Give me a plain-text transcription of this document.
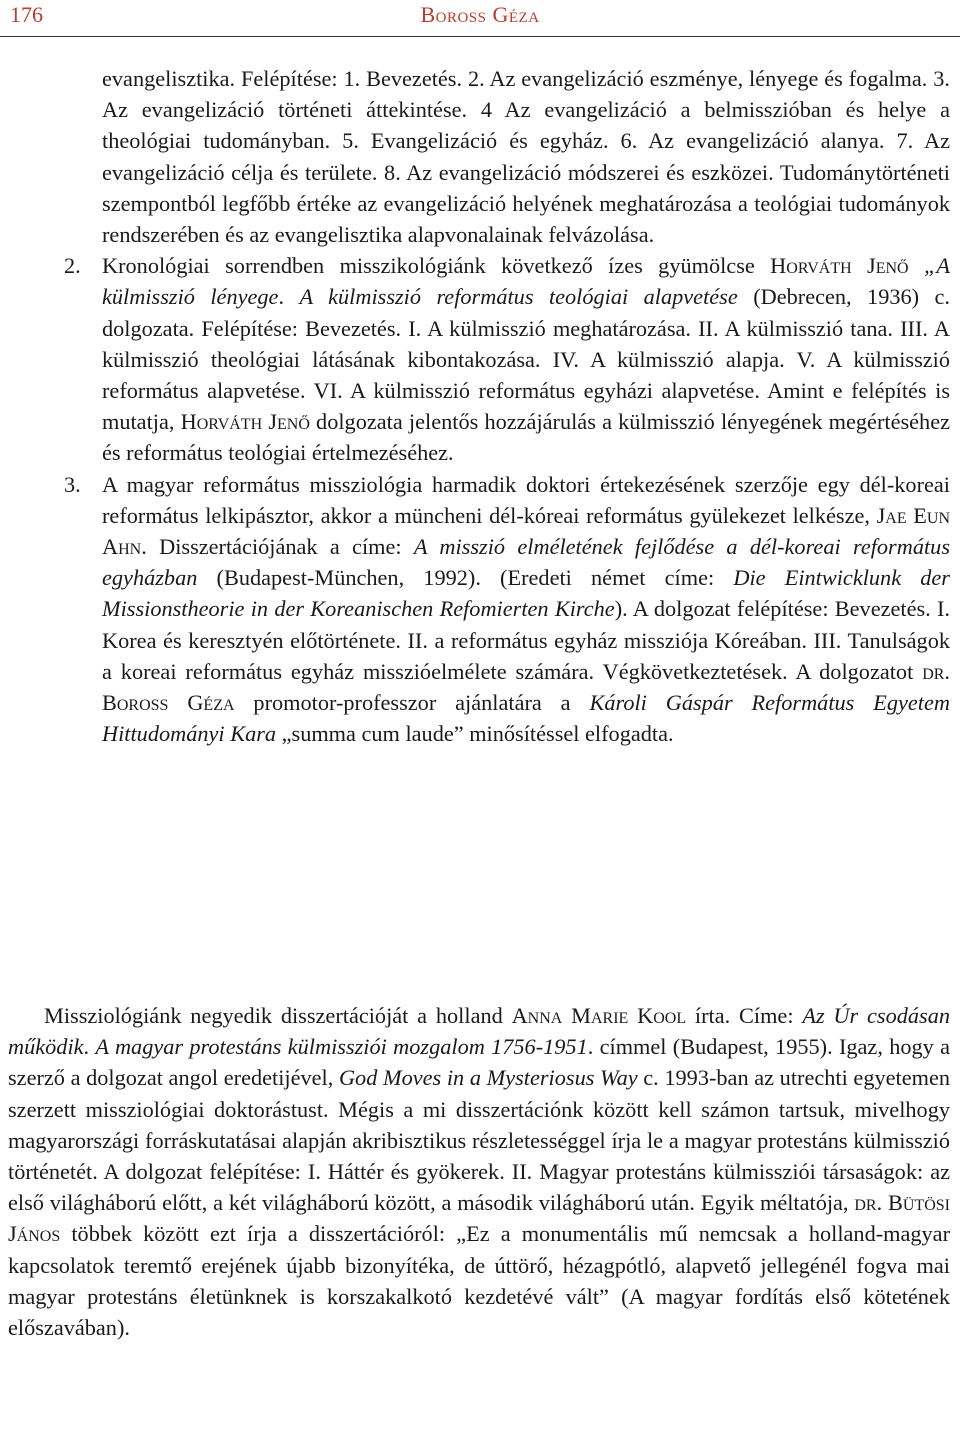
176	Boross Géza

evangelisztika. Felépítése: 1. Bevezetés. 2. Az evangelizáció eszménye, lényege és fogalma. 3. Az evangelizáció történeti áttekintése. 4 Az evangelizáció a belmisszióban és helye a theológiai tudományban. 5. Evangelizáció és egyház. 6. Az evangelizáció alanya. 7. Az evangelizáció célja és területe. 8. Az evangelizáció módszerei és eszközei. Tudománytörténeti szempontból legfőbb értéke az evangelizáció helyének meghatározása a teológiai tudományok rendszerében és az evangelisztika alapvonalainak felvázolása.

2. Kronológiai sorrendben misszikológiánk következő ízes gyümölcse Horváth Jenő „A külmisszió lényege. A külmisszió református teológiai alapvetése (Debrecen, 1936) c. dolgozata. Felépítése: Bevezetés. I. A külmisszió meghatározása. II. A külmisszió tana. III. A külmisszió theológiai látásának kibontakozása. IV. A külmisszió alapja. V. A külmisszió református alapvetése. VI. A külmisszió református egyházi alapvetése. Amint e felépítés is mutatja, Horváth Jenő dolgozata jelentős hozzájárulás a külmisszió lényegének megértéséhez és református teológiai értelmezéséhez.

3. A magyar református missziológia harmadik doktori értekezésének szerzője egy dél-koreai református lelkipásztor, akkor a müncheni dél-kóreai református gyülekezet lelkésze, Jae Eun Ahn. Disszertációjának a címe: A misszió elméletének fejlődése a dél-koreai református egyházban (Budapest-München, 1992). (Eredeti német címe: Die Eintwicklunk der Missionstheorie in der Koreanischen Refomierten Kirche). A dolgozat felépítése: Bevezetés. I. Korea és keresztyén előtörténete. II. a református egyház missziója Kóreában. III. Tanulságok a koreai református egyház misszióelmélete számára. Végkövetkeztetések. A dolgozatot dr. Boross Géza promotor-professzor ajánlatára a Károli Gáspár Református Egyetem Hittudományi Kara „summa cum laude” minősítéssel elfogadta.

Missziológiánk negyedik disszertációját a holland Anna Marie Kool írta. Címe: Az Úr csodásan működik. A magyar protestáns külmissziói mozgalom 1756-1951. címmel (Budapest, 1955). Igaz, hogy a szerző a dolgozat angol eredetijével, God Moves in a Mysteriosus Way c. 1993-ban az utrechti egyetemen szerzett missziológiai doktorástust. Mégis a mi disszertációnk között kell számon tartsuk, mivelhogy magyarországi forráskutatásai alapján akribisztikus részletességgel írja le a magyar protestáns külmisszió történetét. A dolgozat felépítése: I. Háttér és gyökerek. II. Magyar protestáns külmissziói társaságok: az első világháború előtt, a két világháború között, a második világháború után. Egyik méltatója, dr. Bütösi János többek között ezt írja a disszertációról: „Ez a monumentális mű nemcsak a holland-magyar kapcsolatok teremtő erejének újabb bizonyítéka, de úttörő, hézagpótló, alapvető jellegénél fogva mai magyar protestáns életünknek is korszakalkotó kezdetévé vált” (A magyar fordítás első kötetének előszavában).
